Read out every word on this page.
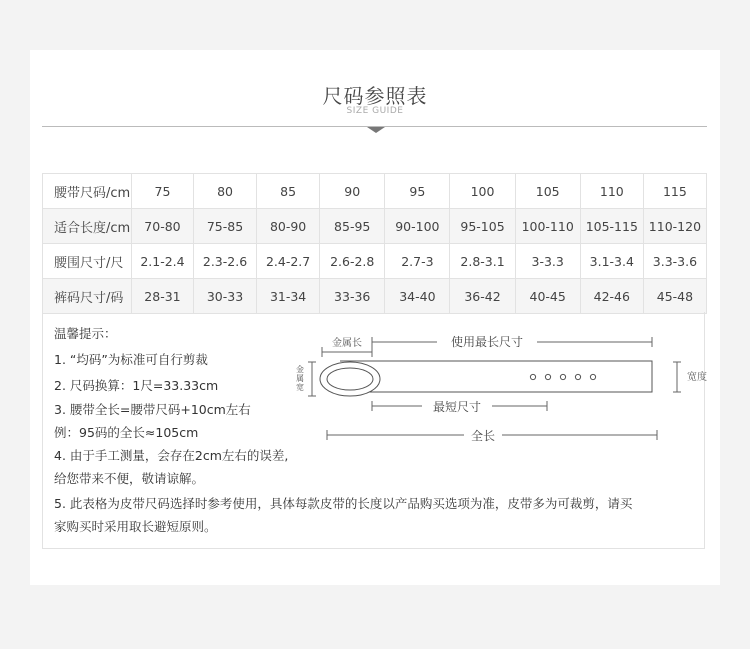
尺码参照表
SIZE GUIDE
腰带尺码/cm	75	80	85	90	95	100	105	110	115
适合长度/cm	70-80	75-85	80-90	85-95	90-100	95-105	100-110	105-115	110-120
腰围尺寸/尺	2.1-2.4	2.3-2.6	2.4-2.7	2.6-2.8	2.7-3	2.8-3.1	3-3.3	3.1-3.4	3.3-3.6
裤码尺寸/码	28-31	30-33	31-34	33-36	34-40	36-42	40-45	42-46	45-48
温馨提示：
1. “均码”为标准可自行剪裁
2. 尺码换算：1尺=33.33cm
3. 腰带全长=腰带尺码+10cm左右
例：95码的全长≈105cm
4. 由于手工测量，会存在2cm左右的误差,
给您带来不便，敬请谅解。
5. 此表格为皮带尺码选择时参考使用，具体每款皮带的长度以产品购买选项为准，皮带多为可裁剪，请买
家购买时采用取长避短原则。
金属长	使用最长尺寸
金属宽
宽度
最短尺寸
全长
